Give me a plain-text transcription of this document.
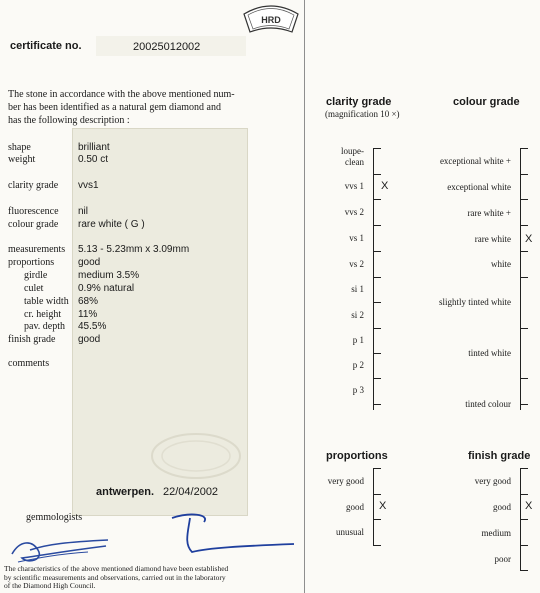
HRD
certificate no.	20025012002
The stone in accordance with the above mentioned num-
ber has been identified as a natural gem diamond and
has the following description :
shape	brilliant
weight	0.50 ct
clarity grade vvs1
fluorescence nil
colour grade rare white ( G )
measurements 5.13 - 5.23mm x 3.09mm
proportions good
girdle	medium 3.5%
culet	0.9% natural
table width 68%
cr. height 11%
pav. depth 45.5%
finish grade good
comments
antwerpen. 22/04/2002
gemmologists
The characteristics of the above mentioned diamond have been established
by scientific measurements and observations, carried out in the laboratory
of the Diamond High Council.
clarity grade
(magnification 10 ×)
colour grade
loupe-
clean
vvs 1
vvs 2
vs 1
vs 2
si 1
si 2
p 1
p 2
p 3
X
exceptional white +
exceptional white
rare white +
rare white
white
slightly tinted white
tinted white
tinted colour
X
proportions
very good
good
unusual
X
finish grade
very good
good
medium
poor
X
